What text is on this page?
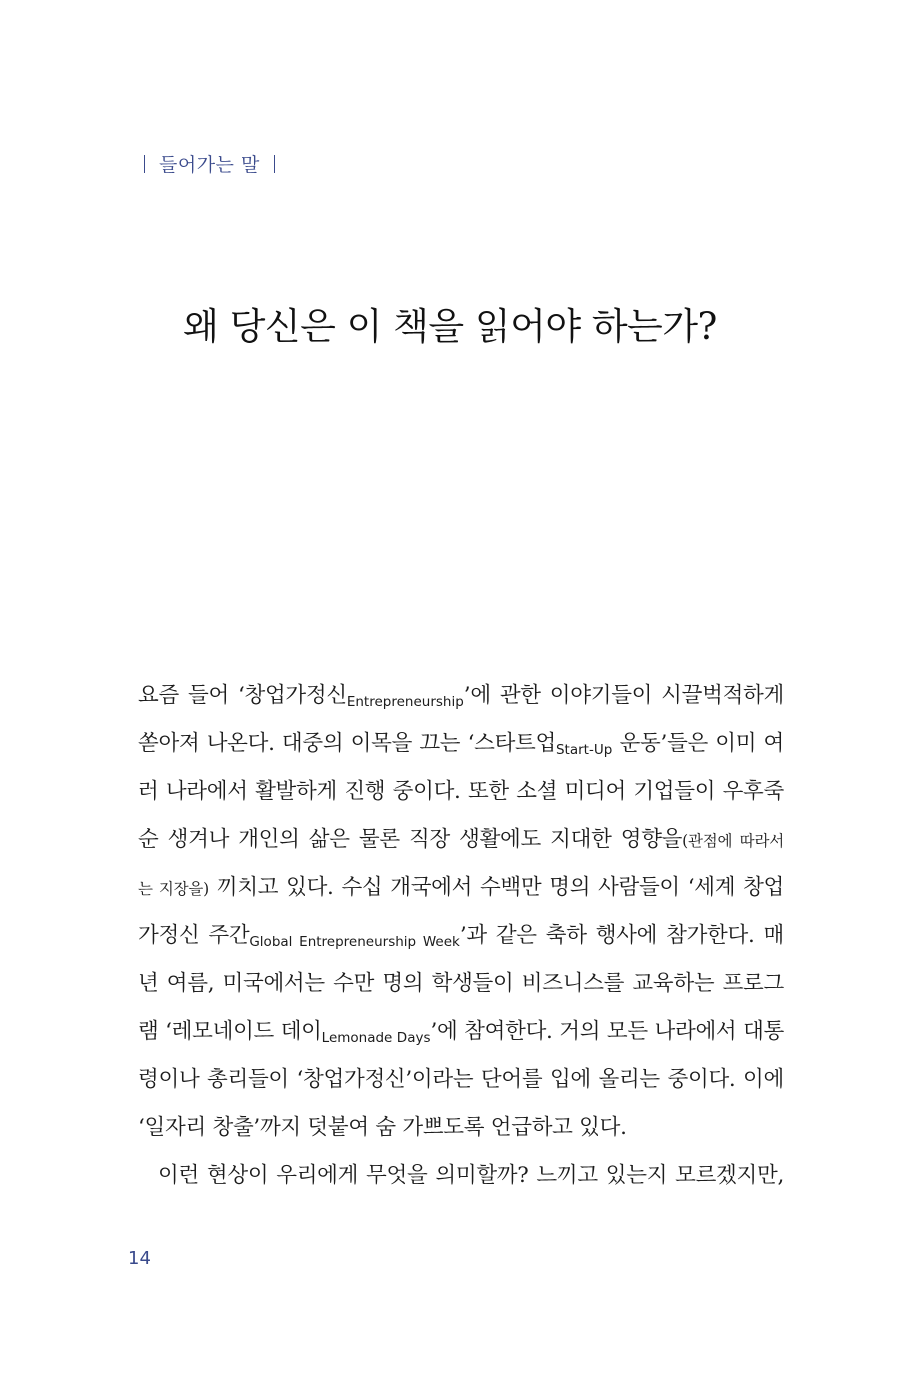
들어가는 말
왜 당신은 이 책을 읽어야 하는가?
요즘 들어 ‘창업가정신$_{Entrepreneurship}$’에 관한 이야기들이 시끌벅적하게
쏟아져 나온다. 대중의 이목을 끄는 ‘스타트업$_{Start-Up}$ 운동’들은 이미 여
러 나라에서 활발하게 진행 중이다. 또한 소셜 미디어 기업들이 우후죽
순 생겨나 개인의 삶은 물론 직장 생활에도 지대한 영향을(관점에 따라서
는 지장을) 끼치고 있다. 수십 개국에서 수백만 명의 사람들이 ‘세계 창업
가정신 주간$_{Global Entrepreneurship Week}$’과 같은 축하 행사에 참가한다. 매
년 여름, 미국에서는 수만 명의 학생들이 비즈니스를 교육하는 프로그
램 ‘레모네이드 데이$_{Lemonade Days}$’에 참여한다. 거의 모든 나라에서 대통
령이나 총리들이 ‘창업가정신’이라는 단어를 입에 올리는 중이다. 이에
‘일자리 창출’까지 덧붙여 숨 가쁘도록 언급하고 있다.
이런 현상이 우리에게 무엇을 의미할까? 느끼고 있는지 모르겠지만,
14
